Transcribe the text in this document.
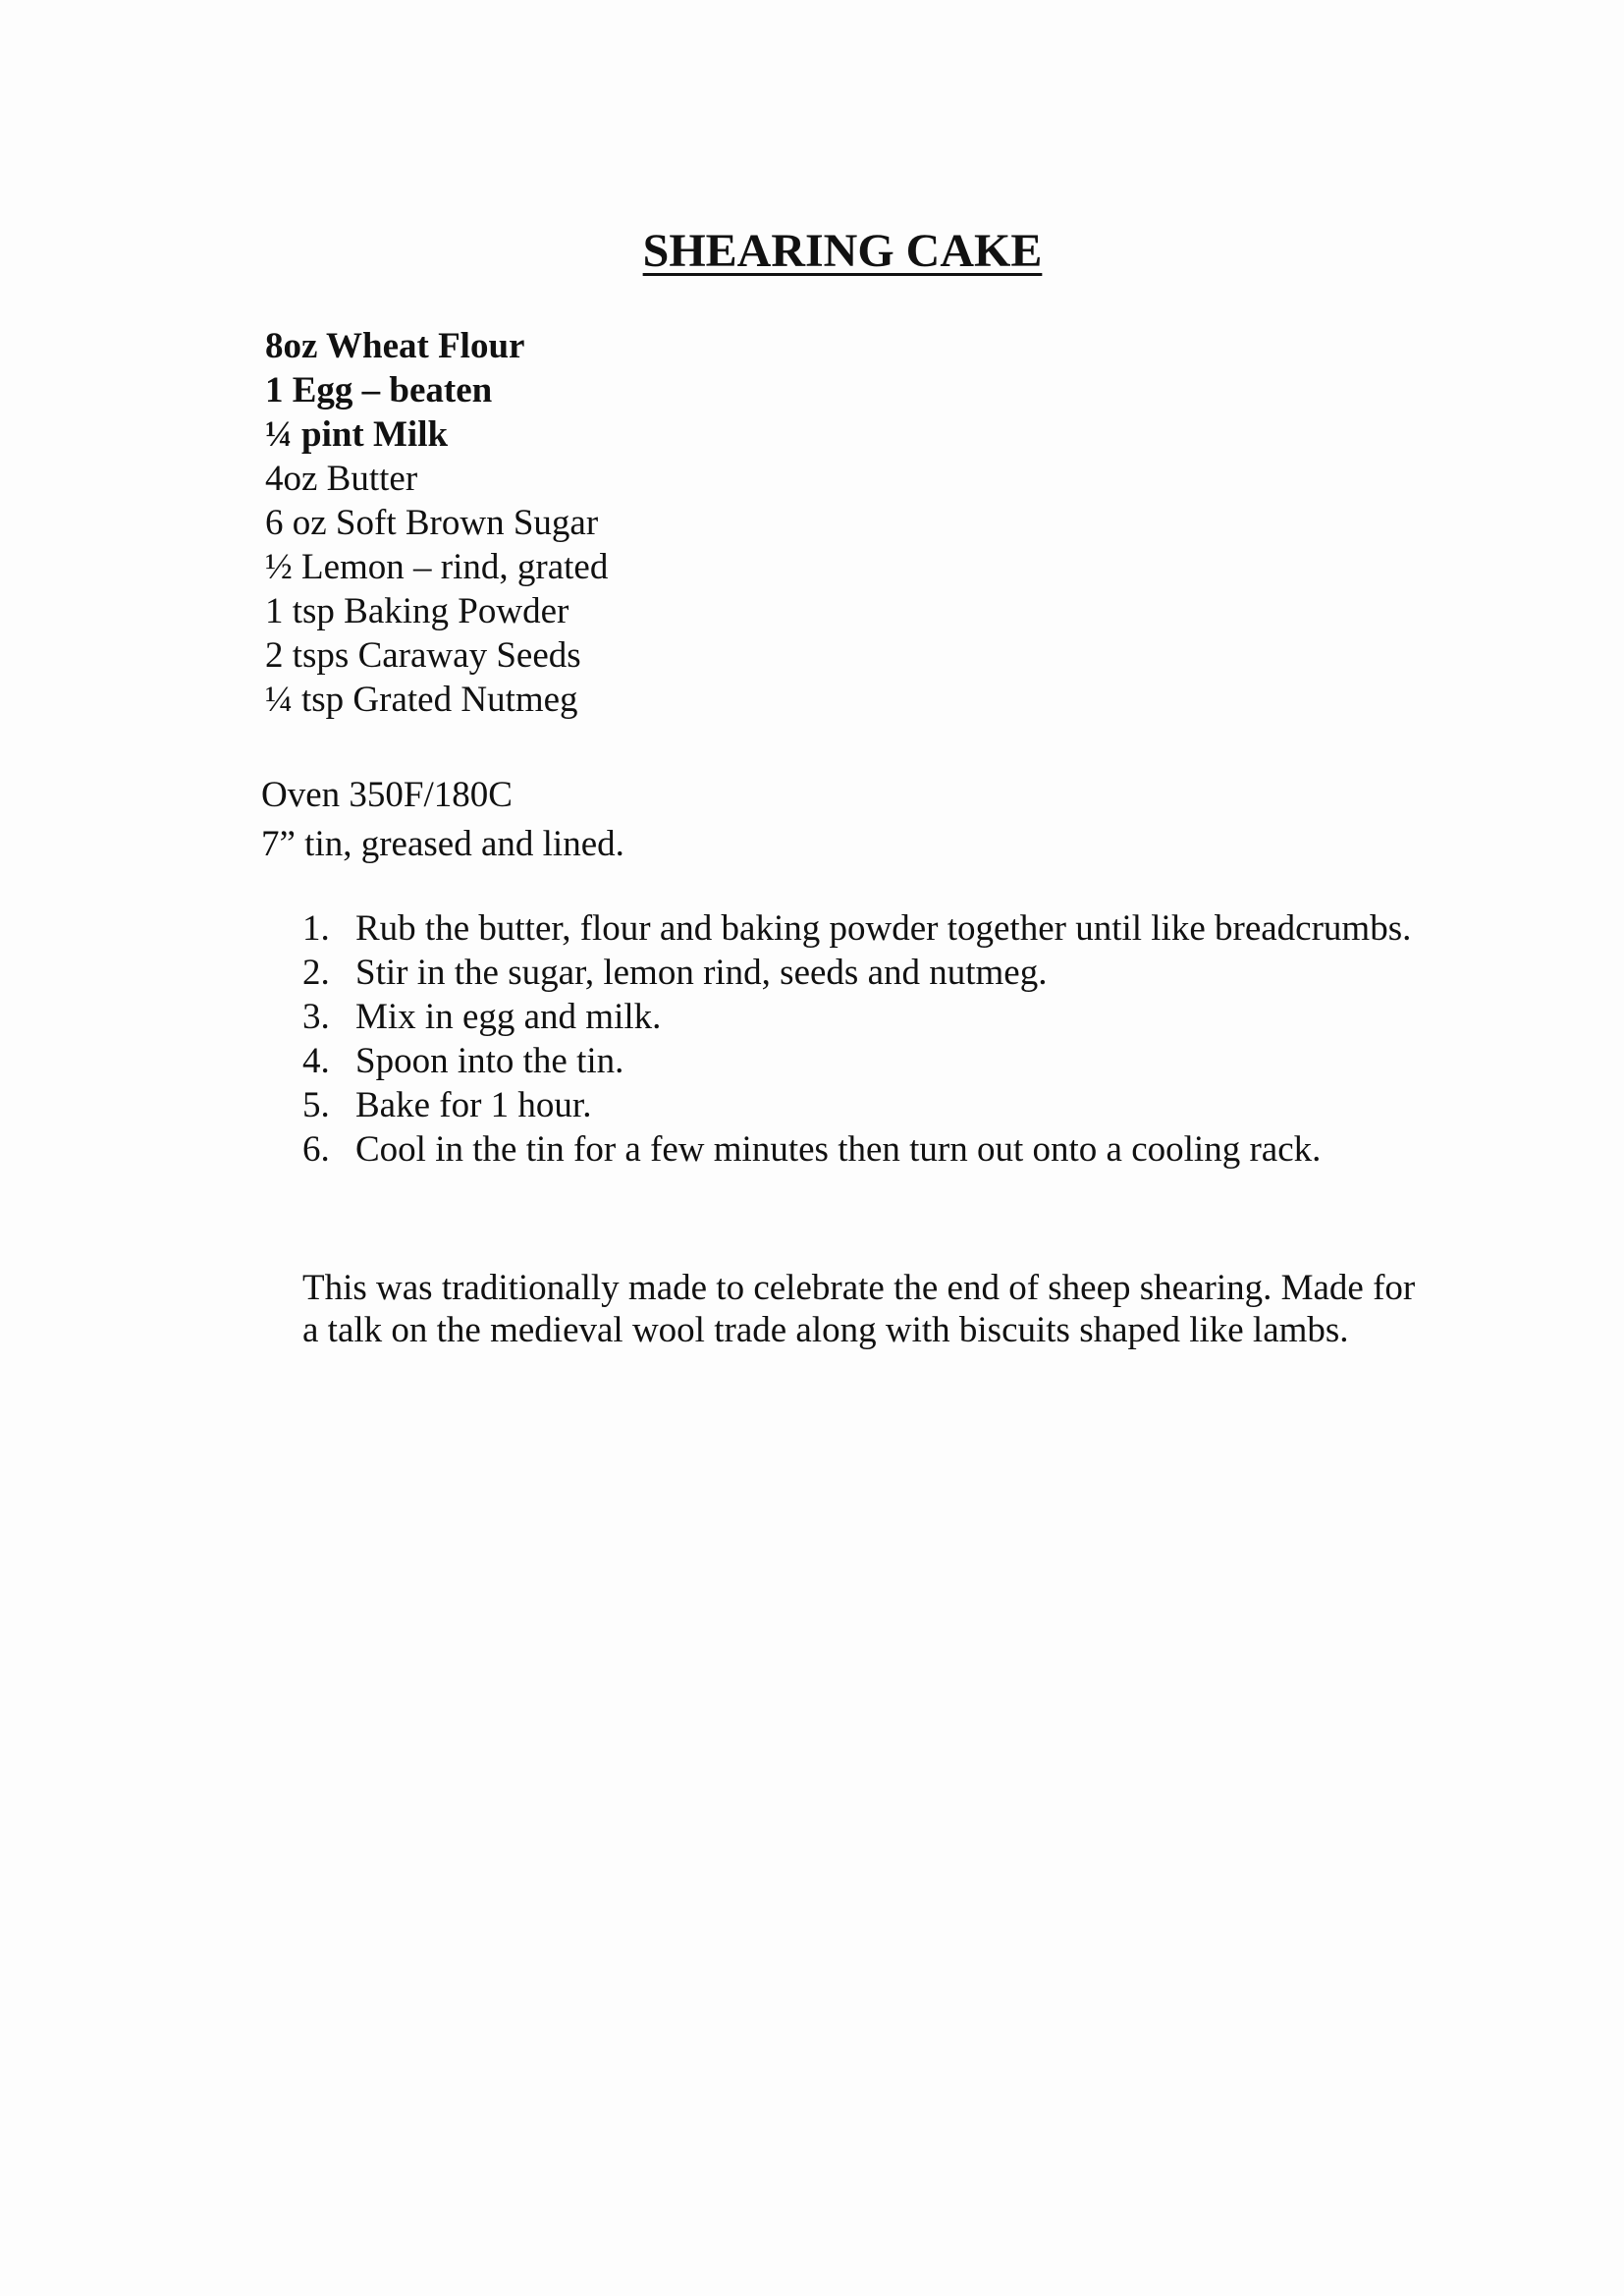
SHEARING CAKE
8oz Wheat Flour
1 Egg – beaten
¼ pint Milk
4oz Butter
6 oz Soft Brown Sugar
½ Lemon – rind, grated
1 tsp Baking Powder
2 tsps Caraway Seeds
¼ tsp Grated Nutmeg
Oven 350F/180C
7” tin, greased and lined.
1. Rub the butter, flour and baking powder together until like breadcrumbs.
2. Stir in the sugar, lemon rind, seeds and nutmeg.
3. Mix in egg and milk.
4. Spoon into the tin.
5. Bake for 1 hour.
6. Cool in the tin for a few minutes then turn out onto a cooling rack.
This was traditionally made to celebrate the end of sheep shearing. Made for a talk on the medieval wool trade along with biscuits shaped like lambs.
